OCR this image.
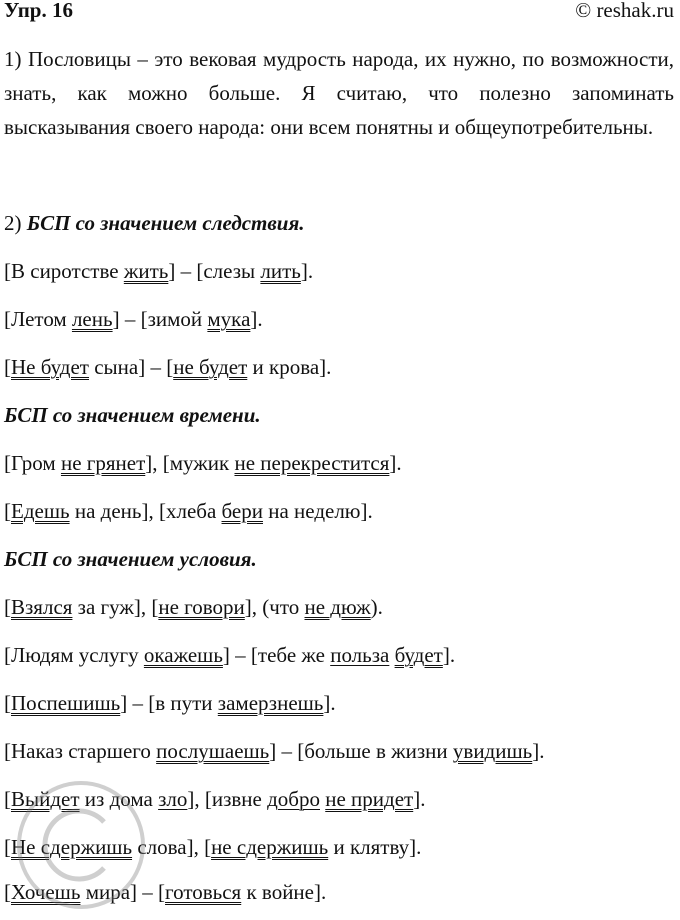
Упр. 16	© reshak.ru
1) Пословицы – это вековая мудрость народа, их нужно, по возможности, знать, как можно больше. Я считаю, что полезно запоминать высказывания своего народа: они всем понятны и общеупотребительны.
2) БСП со значением следствия.
[В сиротстве жить] – [слезы лить].
[Летом лень] – [зимой мука].
[Не будет сына] – [не будет и крова].
БСП со значением времени.
[Гром не грянет], [мужик не перекрестится].
[Едешь на день], [хлеба бери на неделю].
БСП со значением условия.
[Взялся за гуж], [не говори], (что не дюж).
[Людям услугу окажешь] – [тебе же польза будет].
[Поспешишь] – [в пути замерзнешь].
[Наказ старшего послушаешь] – [больше в жизни увидишь].
[Выйдет из дома зло], [извне добро не придет].
[Не сдержишь слова], [не сдержишь и клятву].
[Хочешь мира] – [готовься к войне].
